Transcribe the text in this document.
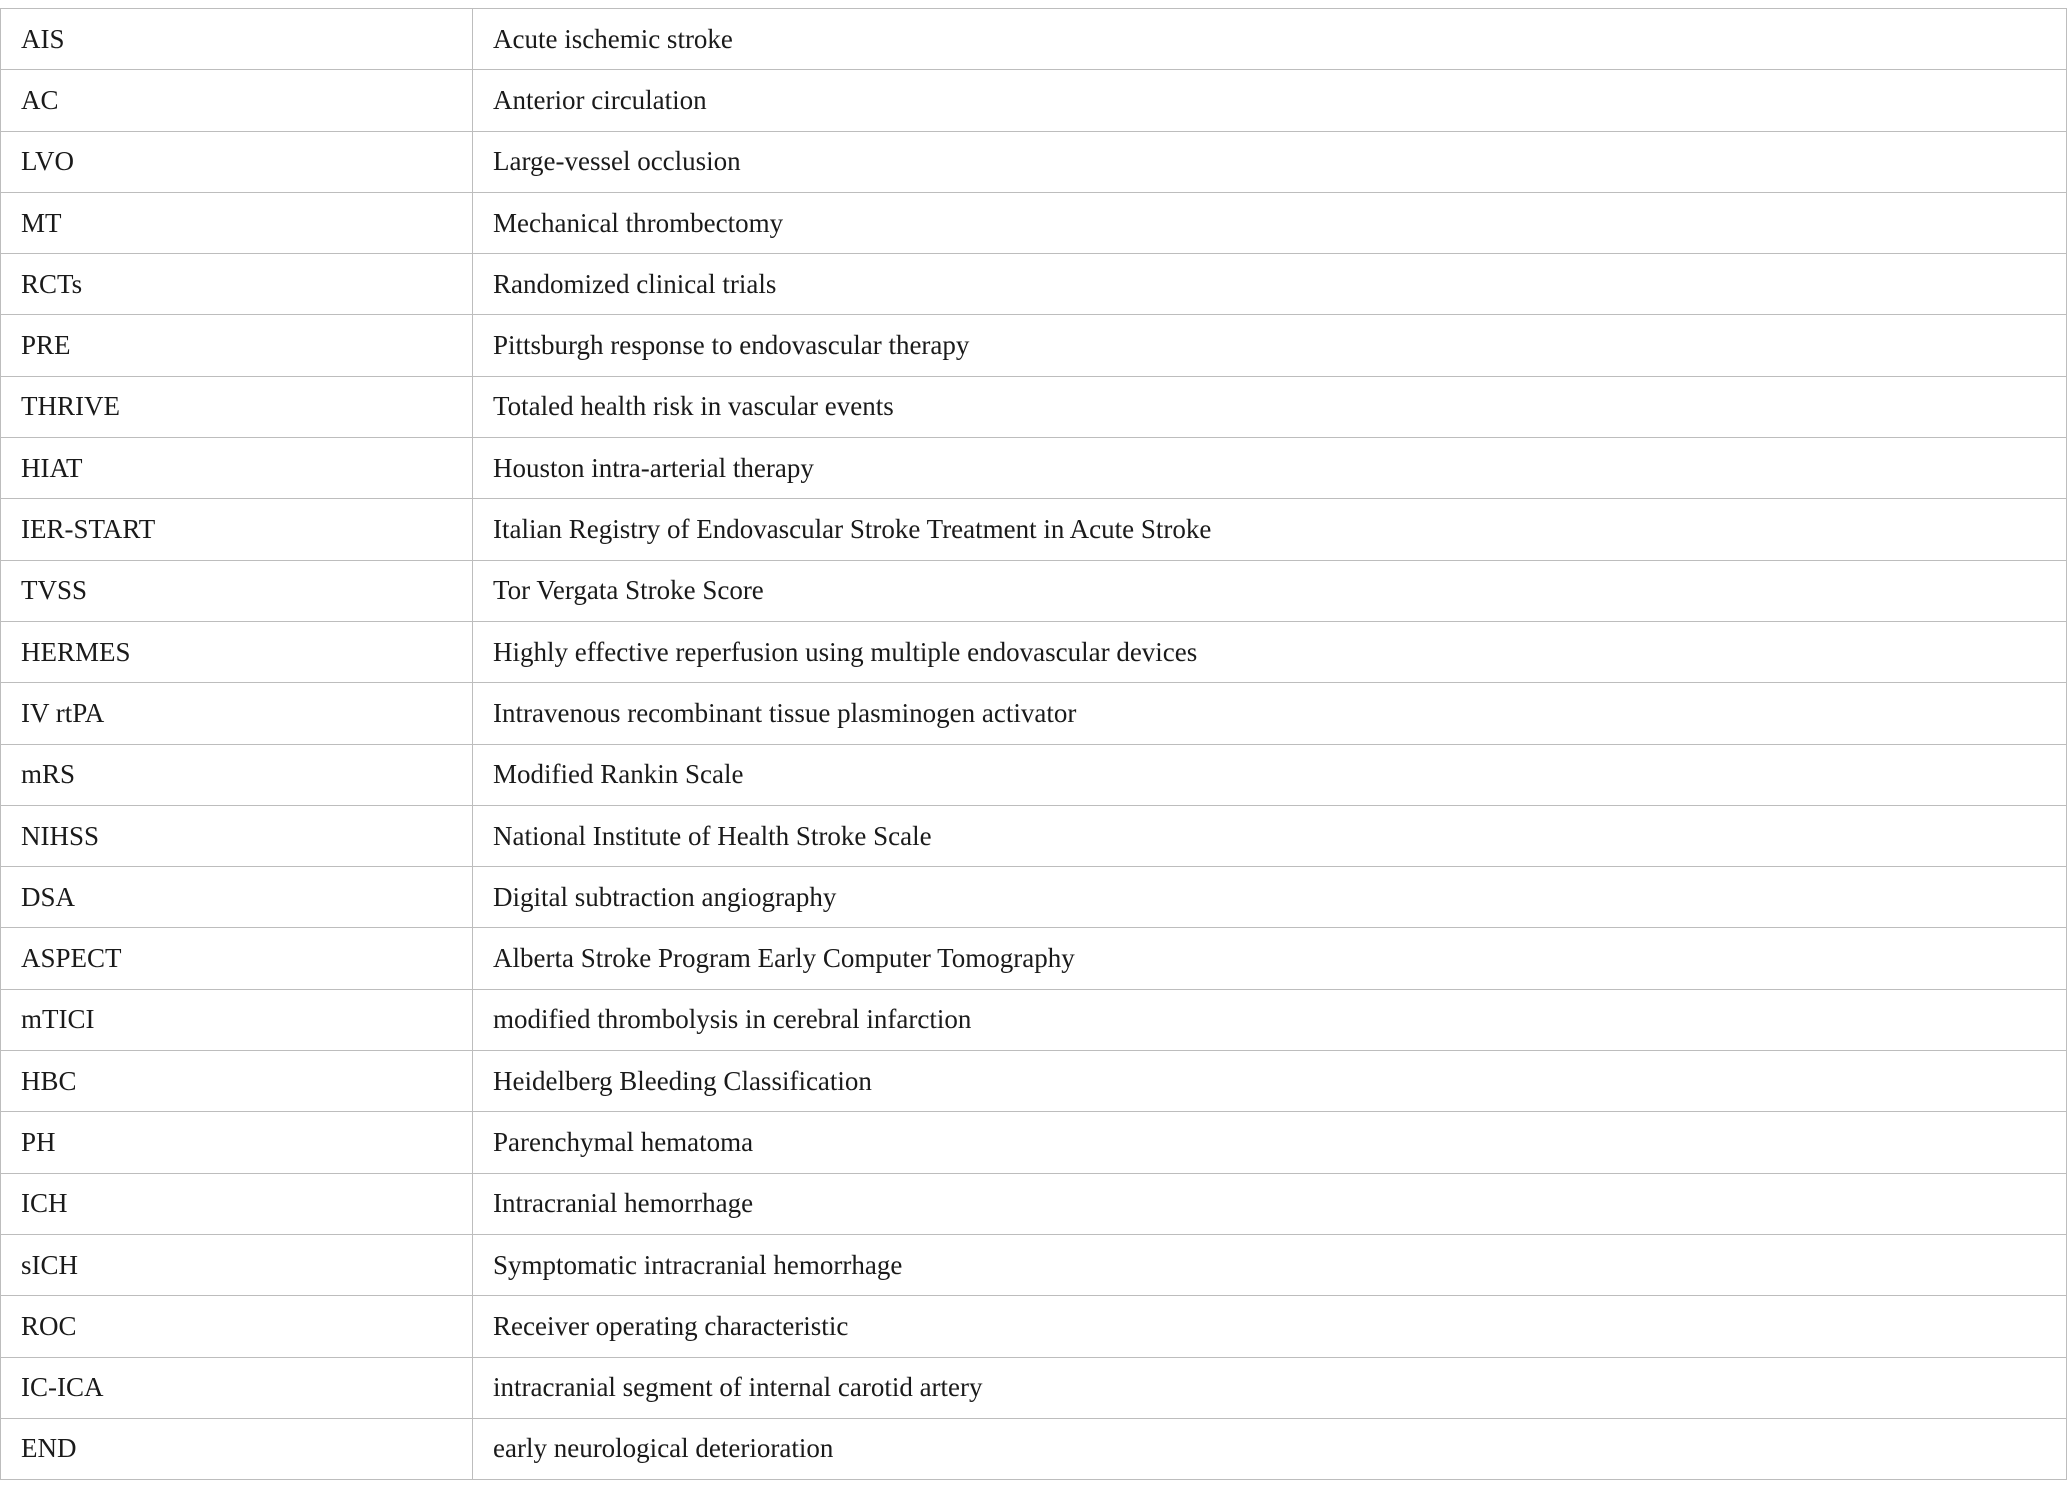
AIS	Acute ischemic stroke
AC	Anterior circulation
LVO	Large-vessel occlusion
MT	Mechanical thrombectomy
RCTs	Randomized clinical trials
PRE	Pittsburgh response to endovascular therapy
THRIVE	Totaled health risk in vascular events
HIAT	Houston intra-arterial therapy
IER-START	Italian Registry of Endovascular Stroke Treatment in Acute Stroke
TVSS	Tor Vergata Stroke Score
HERMES	Highly effective reperfusion using multiple endovascular devices
IV rtPA	Intravenous recombinant tissue plasminogen activator
mRS	Modified Rankin Scale
NIHSS	National Institute of Health Stroke Scale
DSA	Digital subtraction angiography
ASPECT	Alberta Stroke Program Early Computer Tomography
mTICI	modified thrombolysis in cerebral infarction
HBC	Heidelberg Bleeding Classification
PH	Parenchymal hematoma
ICH	Intracranial hemorrhage
sICH	Symptomatic intracranial hemorrhage
ROC	Receiver operating characteristic
IC-ICA	intracranial segment of internal carotid artery
END	early neurological deterioration
